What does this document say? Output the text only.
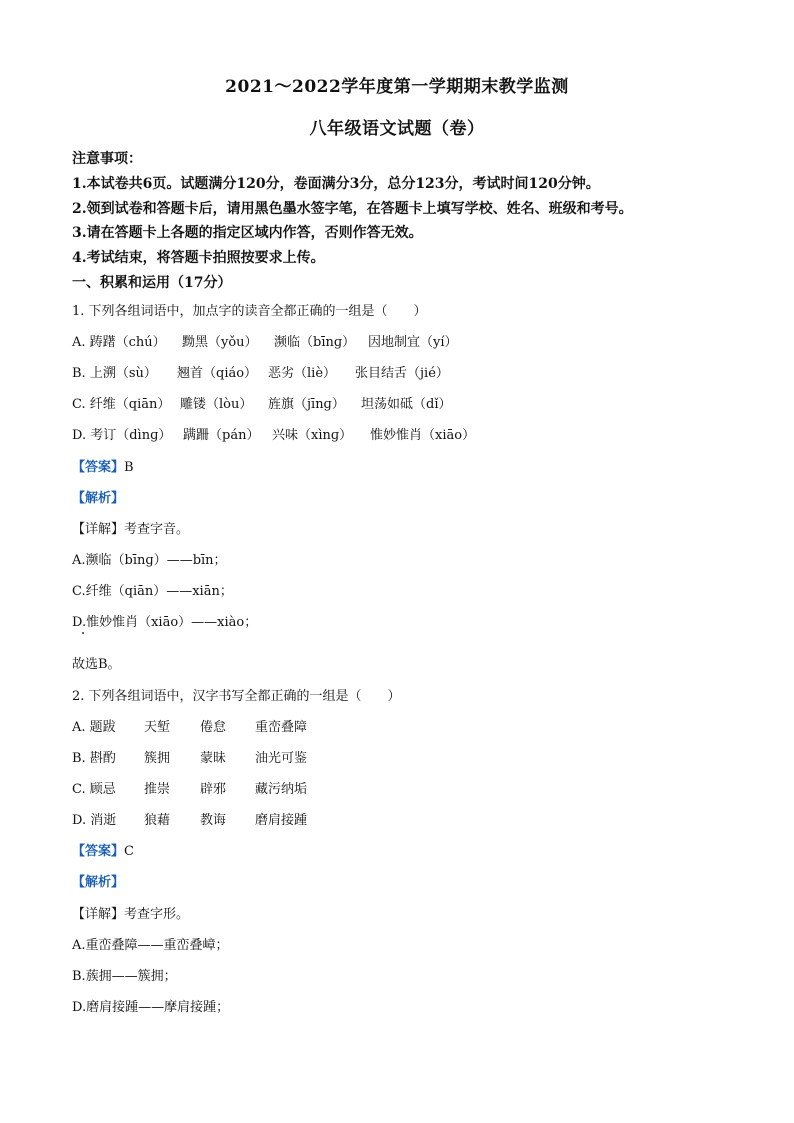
2021～2022学年度第一学期期末教学监测
八年级语文试题（卷）
注意事项：
1.本试卷共6页。试题满分120分，卷面满分3分，总分123分，考试时间120分钟。
2.领到试卷和答题卡后，请用黑色墨水签字笔，在答题卡上填写学校、姓名、班级和考号。
3.请在答题卡上各题的指定区域内作答，否则作答无效。
4.考试结束，将答题卡拍照按要求上传。
一、积累和运用（17分）
1. 下列各组词语中，加点字的读音全都正确的一组是（　　）
A. 踌躇（chú） 黝黑（yǒu） 濒临（bīnɡ） 因地制宜（yí）
B. 上溯（sù） 翘首（qiáo） 恶劣（liè） 张目结舌（jié）
C. 纤维（qiān） 雕镂（lòu） 旌旗（jīnɡ） 坦荡如砥（dǐ）
D. 考订（dìnɡ） 蹒跚（pán） 兴味（xìnɡ） 惟妙惟肖（xiāo）
【答案】B
【解析】
【详解】考查字音。
A.濒临（bīnɡ）——bīn；
C.纤维（qiān）——xiān；
D.惟妙惟肖（xiāo）——xiào；
故选B。
2. 下列各组词语中，汉字书写全都正确的一组是（　　）
A. 题跋 天堑 倦怠 重峦叠障
B. 斟酌 簇拥 蒙昧 油光可鉴
C. 顾忌 推崇 辟邪 藏污纳垢
D. 消逝 狼藉 教诲 磨肩接踵
【答案】C
【解析】
【详解】考查字形。
A.重峦叠障——重峦叠嶂；
B.蔟拥——簇拥；
D.磨肩接踵——摩肩接踵；
